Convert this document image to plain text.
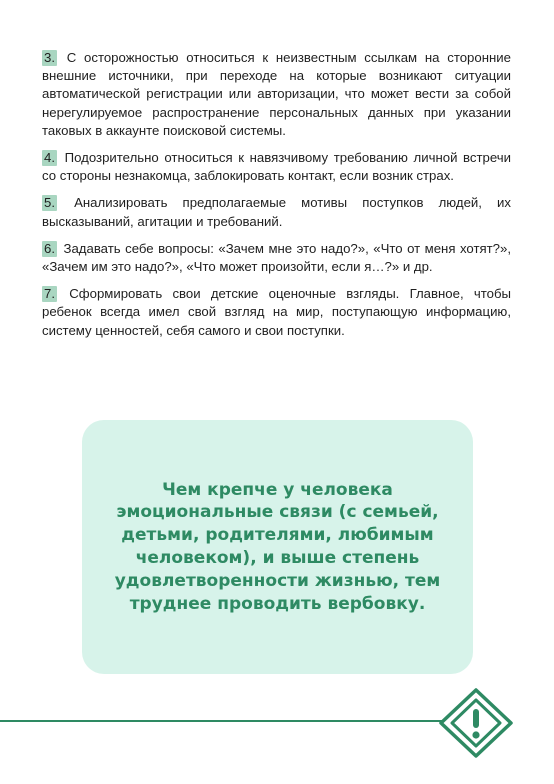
3. С осторожностью относиться к неизвестным ссылкам на сторонние внешние источники, при переходе на которые возникают ситуации автоматической регистрации или авторизации, что может вести за собой нерегулируемое распространение персональных данных при указании таковых в аккаунте поисковой системы.

4. Подозрительно относиться к навязчивому требованию личной встречи со стороны незнакомца, заблокировать контакт, если возник страх.

5. Анализировать предполагаемые мотивы поступков людей, их высказываний, агитации и требований.

6. Задавать себе вопросы: «Зачем мне это надо?», «Что от меня хотят?», «Зачем им это надо?», «Что может произойти, если я…?» и др.

7. Сформировать свои детские оценочные взгляды. Главное, чтобы ребенок всегда имел свой взгляд на мир, поступающую информацию, систему ценностей, себя самого и свои поступки.

Чем крепче у человека эмоциональные связи (с семьей, детьми, родителями, любимым человеком), и выше степень удовлетворенности жизнью, тем труднее проводить вербовку.
